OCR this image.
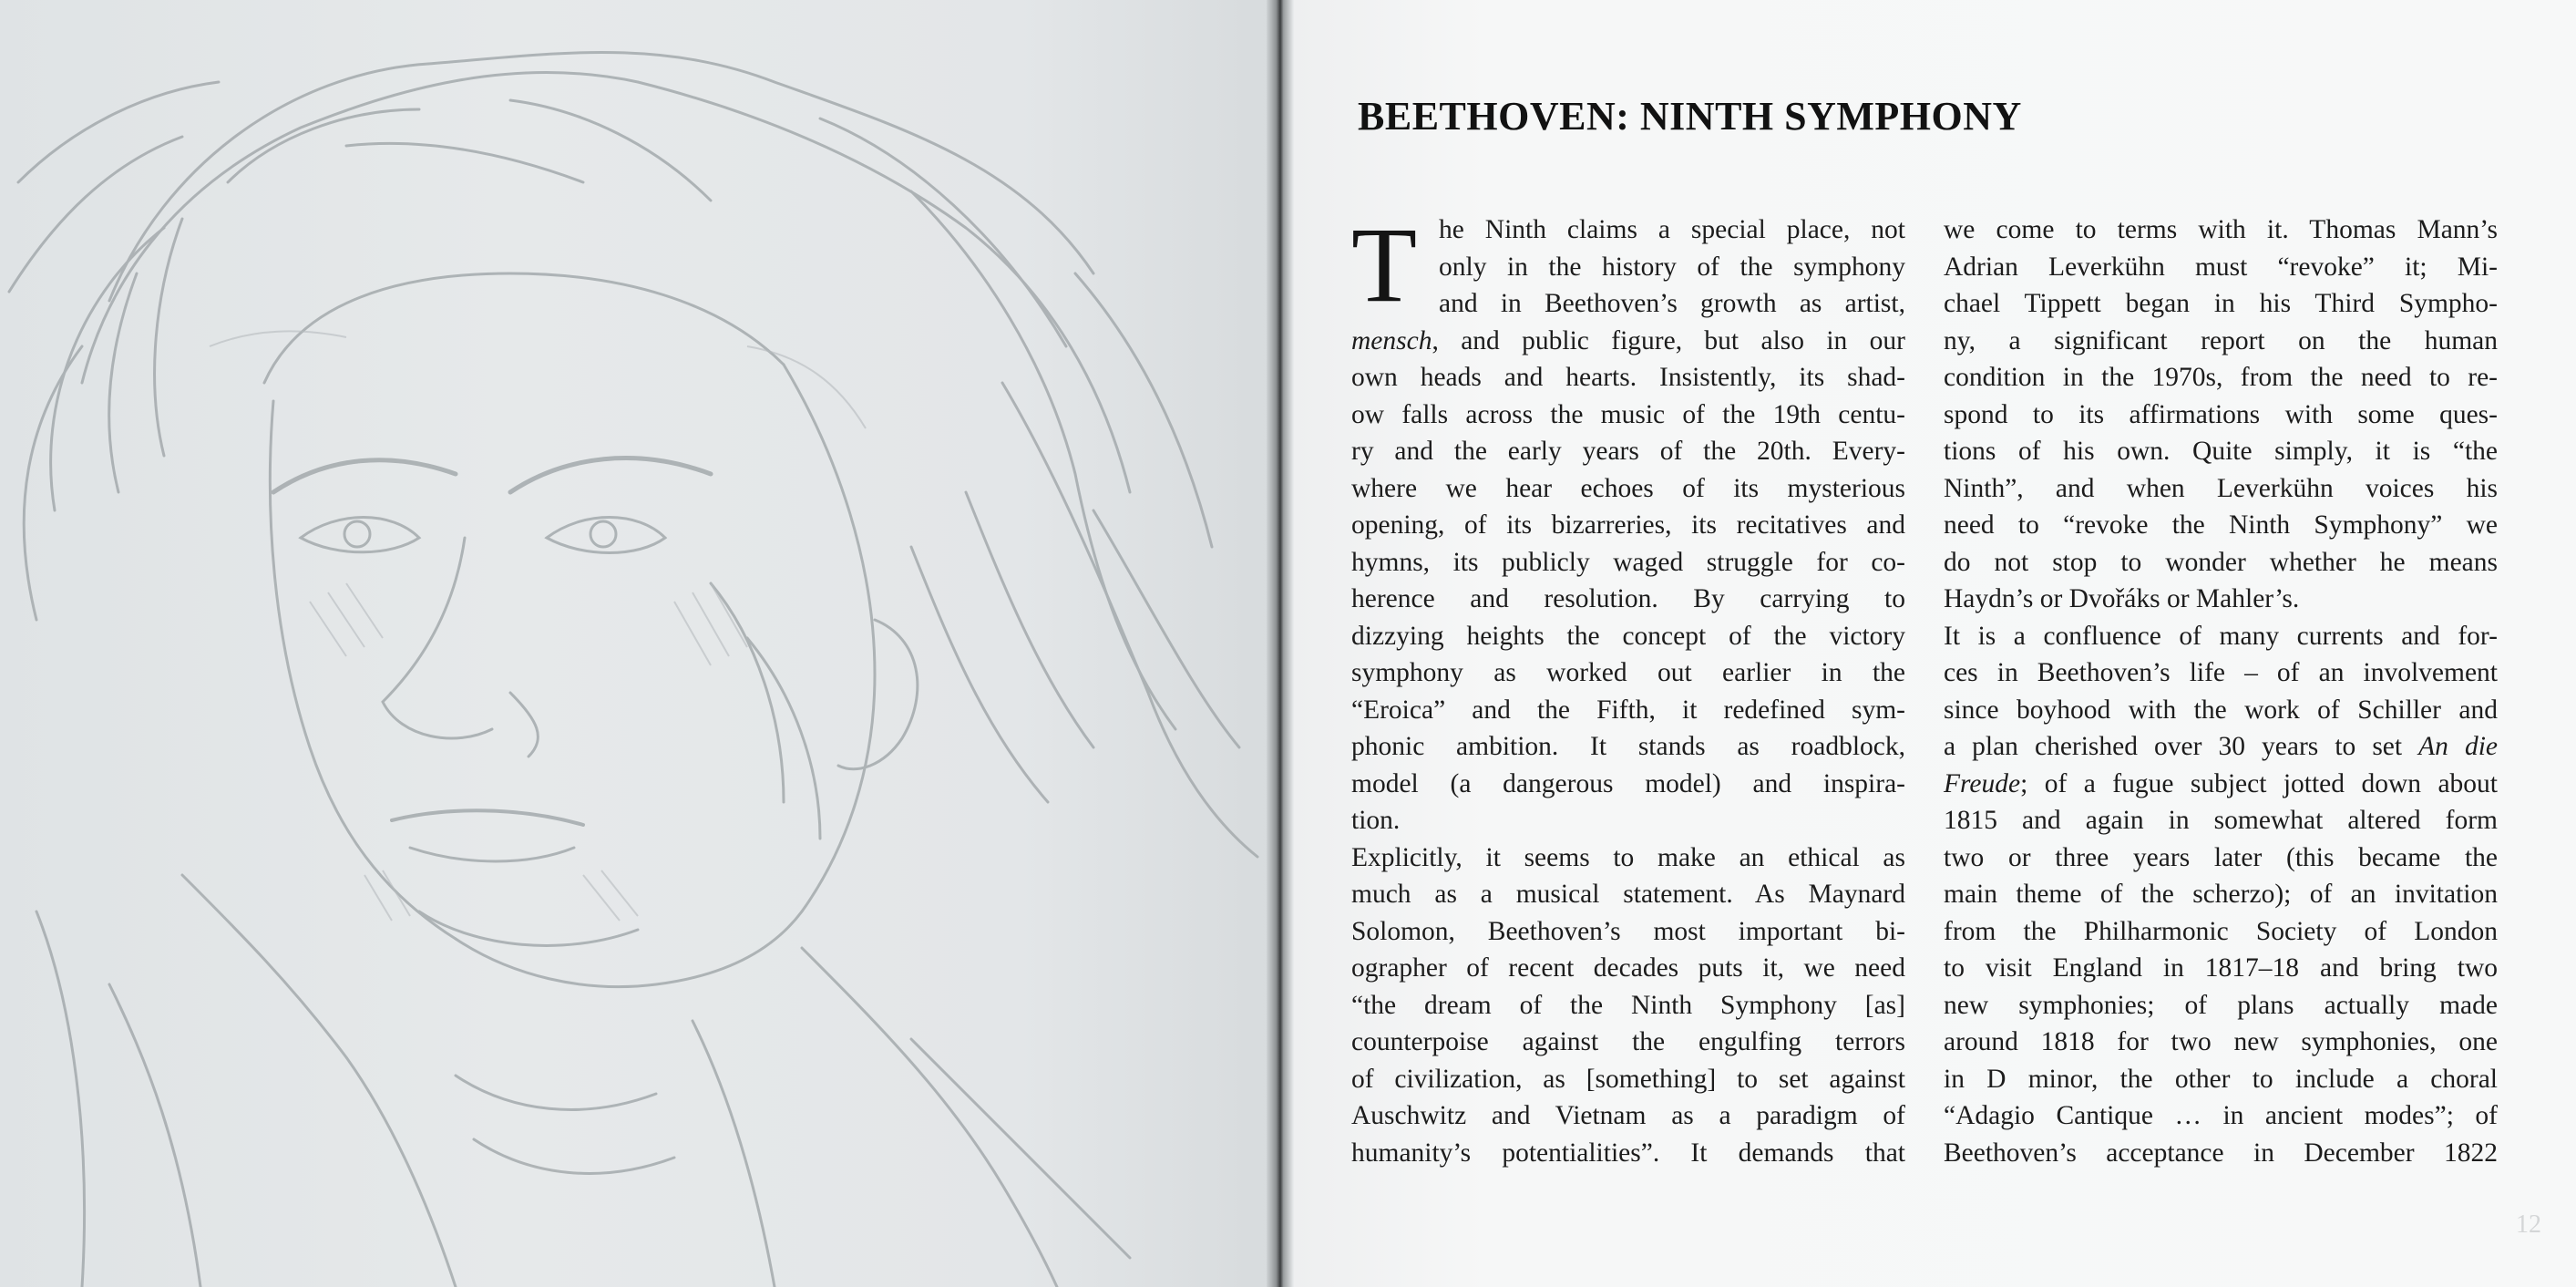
BEETHOVEN: NINTH SYMPHONY
T he Ninth claims a special place, not
only in the history of the symphony
and in Beethoven’s growth as artist,
mensch, and public figure, but also in our
own heads and hearts. Insistently, its shad-
ow falls across the music of the 19th centu-
ry and the early years of the 20th. Every-
where we hear echoes of its mysterious
opening, of its bizarreries, its recitatives and
hymns, its publicly waged struggle for co-
herence and resolution. By carrying to
dizzying heights the concept of the victory
symphony as worked out earlier in the
“Eroica” and the Fifth, it redefined sym-
phonic ambition. It stands as roadblock,
model (a dangerous model) and inspira-
tion.
Explicitly, it seems to make an ethical as
much as a musical statement. As Maynard
Solomon, Beethoven’s most important bi-
ographer of recent decades puts it, we need
“the dream of the Ninth Symphony [as]
counterpoise against the engulfing terrors
of civilization, as [something] to set against
Auschwitz and Vietnam as a paradigm of
humanity’s potentialities”. It demands that
we come to terms with it. Thomas Mann’s
Adrian Leverkühn must “revoke” it; Mi-
chael Tippett began in his Third Sympho-
ny, a significant report on the human
condition in the 1970s, from the need to re-
spond to its affirmations with some ques-
tions of his own. Quite simply, it is “the
Ninth”, and when Leverkühn voices his
need to “revoke the Ninth Symphony” we
do not stop to wonder whether he means
Haydn’s or Dvořáks or Mahler’s.
It is a confluence of many currents and for-
ces in Beethoven’s life – of an involvement
since boyhood with the work of Schiller and
a plan cherished over 30 years to set An die
Freude; of a fugue subject jotted down about
1815 and again in somewhat altered form
two or three years later (this became the
main theme of the scherzo); of an invitation
from the Philharmonic Society of London
to visit England in 1817–18 and bring two
new symphonies; of plans actually made
around 1818 for two new symphonies, one
in D minor, the other to include a choral
“Adagio Cantique … in ancient modes”; of
Beethoven’s acceptance in December 1822
12
